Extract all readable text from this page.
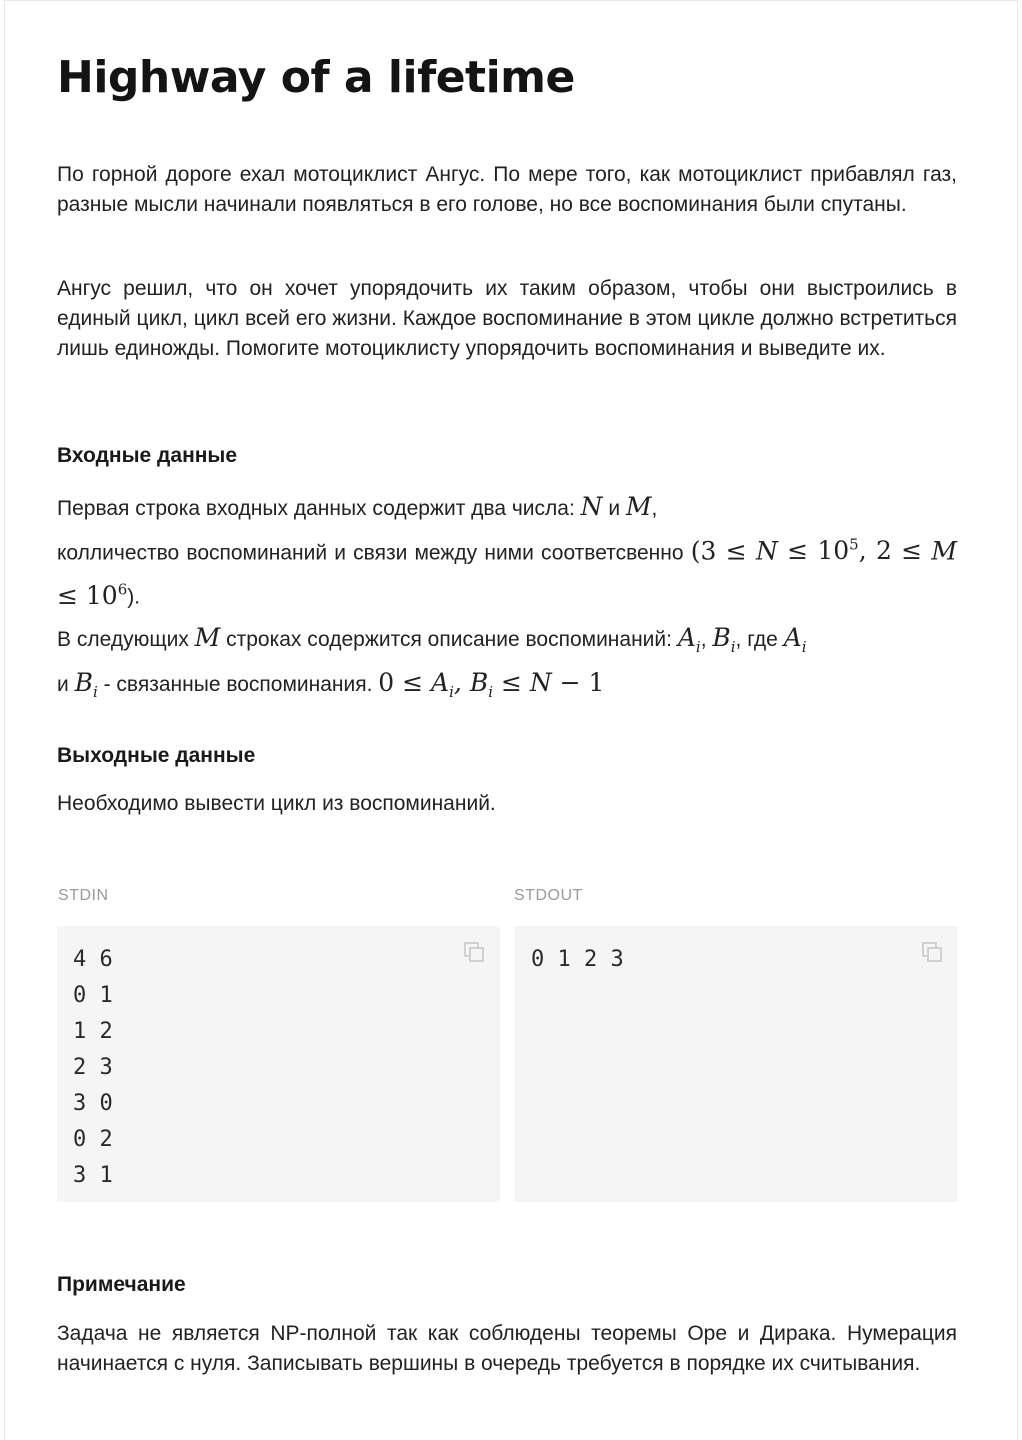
Highway of a lifetime

По горной дороге ехал мотоциклист Ангус. По мере того, как мотоциклист прибавлял газ, разные мысли начинали появляться в его голове, но все воспоминания были спутаны.

Ангус решил, что он хочет упорядочить их таким образом, чтобы они выстроились в единый цикл, цикл всей его жизни. Каждое воспоминание в этом цикле должно встретиться лишь единожды. Помогите мотоциклисту упорядочить воспоминания и выведите их.

Входные данные

Первая строка входных данных содержит два числа: N и M,
колличество воспоминаний и связи между ними соответсвенно ($3 \le N \le 10^5$, $2 \le M \le 10^6$).

В следующих M строках содержится описание воспоминаний: $A_i$, $B_i$, где $A_i$
и $B_i$ - связанные воспоминания. $0 \le A_i$, $B_i \le N - 1$

Выходные данные

Необходимо вывести цикл из воспоминаний.

STDIN	STDOUT
4 6
0 1
1 2
2 3
3 0
0 2
3 1
0 1 2 3
Примечание

Задача не является NP-полной так как соблюдены теоремы Оре и Дирака. Нумерация начинается с нуля. Записывать вершины в очередь требуется в порядке их считывания.
